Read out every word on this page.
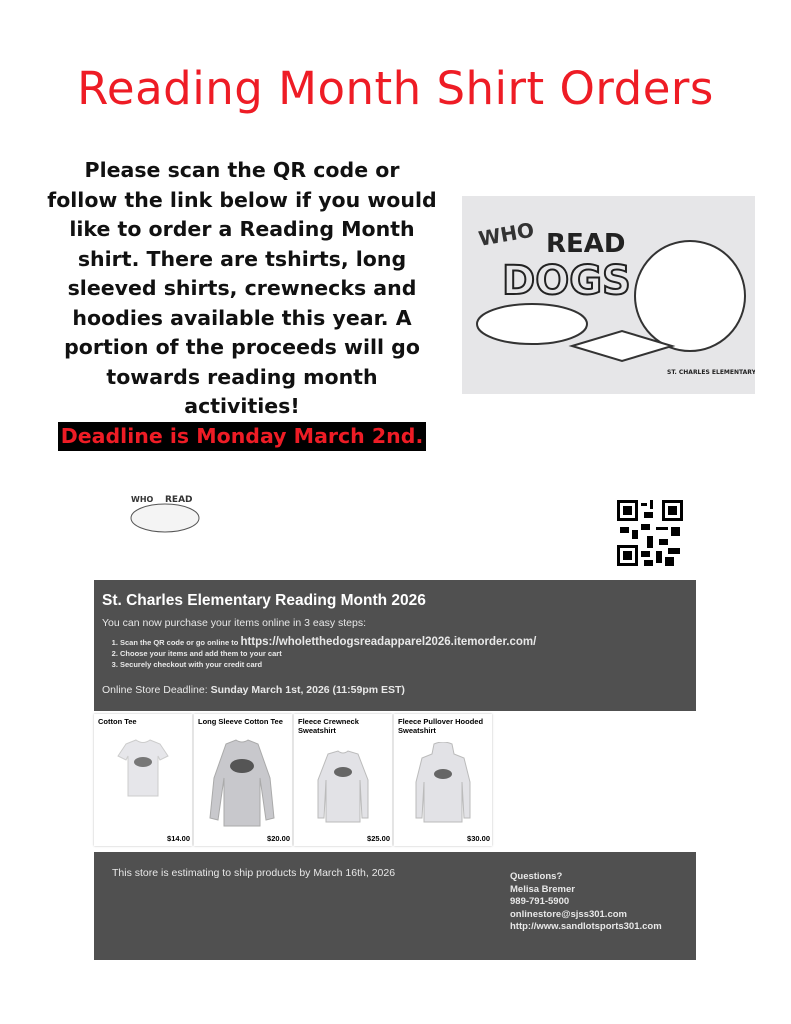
Reading Month Shirt Orders
Please scan the QR code or follow the link below if you would like to order a Reading Month shirt. There are tshirts, long sleeved shirts, crewnecks and hoodies available this year. A portion of the proceeds will go towards reading month activities!
Deadline is Monday March 2nd.
WHO
DOGS
READ
ST. CHARLES ELEMENTARY
WHO READ
St. Charles Elementary Reading Month 2026
You can now purchase your items online in 3 easy steps:
1. Scan the QR code or go online to https://wholetthedogsreadapparel2026.itemorder.com/
2. Choose your items and add them to your cart
3. Securely checkout with your credit card
Online Store Deadline: Sunday March 1st, 2026 (11:59pm EST)
Cotton Tee
$14.00
Long Sleeve Cotton Tee
$20.00
Fleece Crewneck Sweatshirt
$25.00
Fleece Pullover Hooded Sweatshirt
$30.00
This store is estimating to ship products by March 16th, 2026	Questions?
Melisa Bremer
989-791-5900
onlinestore@sjss301.com
http://www.sandlotsports301.com
